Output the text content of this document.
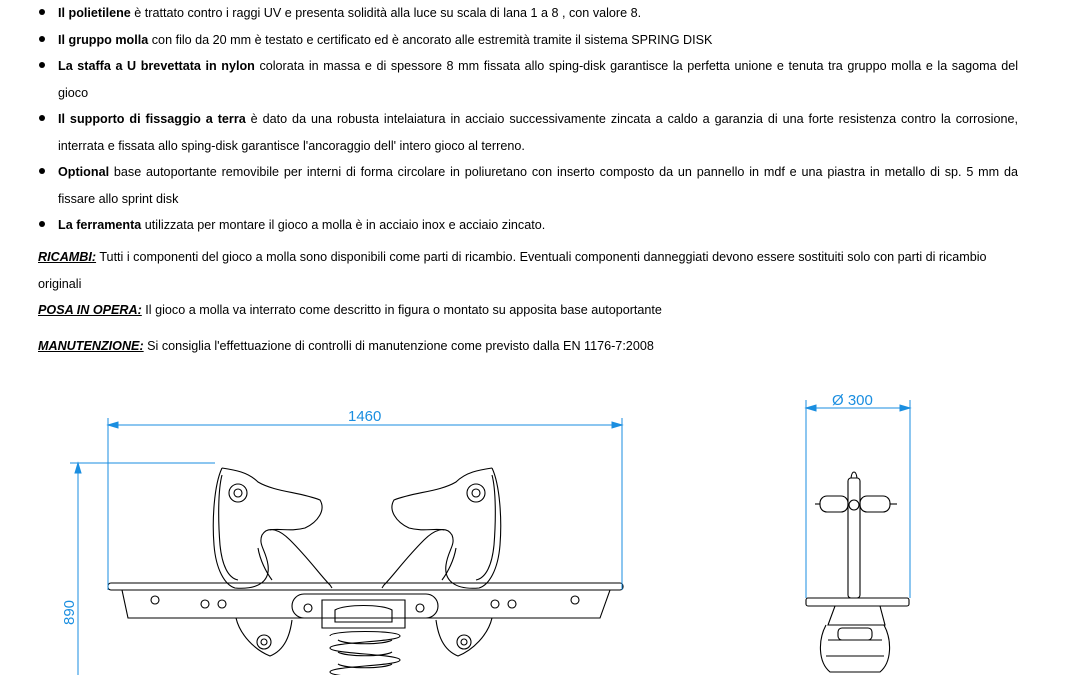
Il polietilene è trattato contro i raggi UV e presenta solidità alla luce su scala di lana 1 a 8 , con valore 8.
Il gruppo molla con filo da 20 mm è testato e certificato ed è ancorato alle estremità tramite il sistema SPRING DISK
La staffa a U brevettata in nylon colorata in massa e di spessore 8 mm fissata allo sping-disk garantisce la perfetta unione e tenuta tra gruppo molla e la sagoma del gioco
Il supporto di fissaggio a terra è dato da una robusta intelaiatura in acciaio successivamente zincata a caldo a garanzia di una forte resistenza contro la corrosione, interrata e fissata allo sping-disk garantisce l'ancoraggio dell' intero gioco al terreno.
Optional base autoportante removibile per interni di forma circolare in poliuretano con inserto composto da un pannello in mdf e una piastra in metallo di sp. 5 mm da fissare allo sprint disk
La ferramenta utilizzata per montare il gioco a molla è in acciaio inox e acciaio zincato.
RICAMBI: Tutti i componenti del gioco a molla sono disponibili come parti di ricambio. Eventuali componenti danneggiati devono essere sostituiti solo con parti di ricambio originali
POSA IN OPERA: Il gioco a molla va interrato come descritto in figura o montato su apposita base autoportante
MANUTENZIONE: Si consiglia l'effettuazione di controlli di manutenzione come previsto dalla EN 1176-7:2008
1460
890
Ø 300
